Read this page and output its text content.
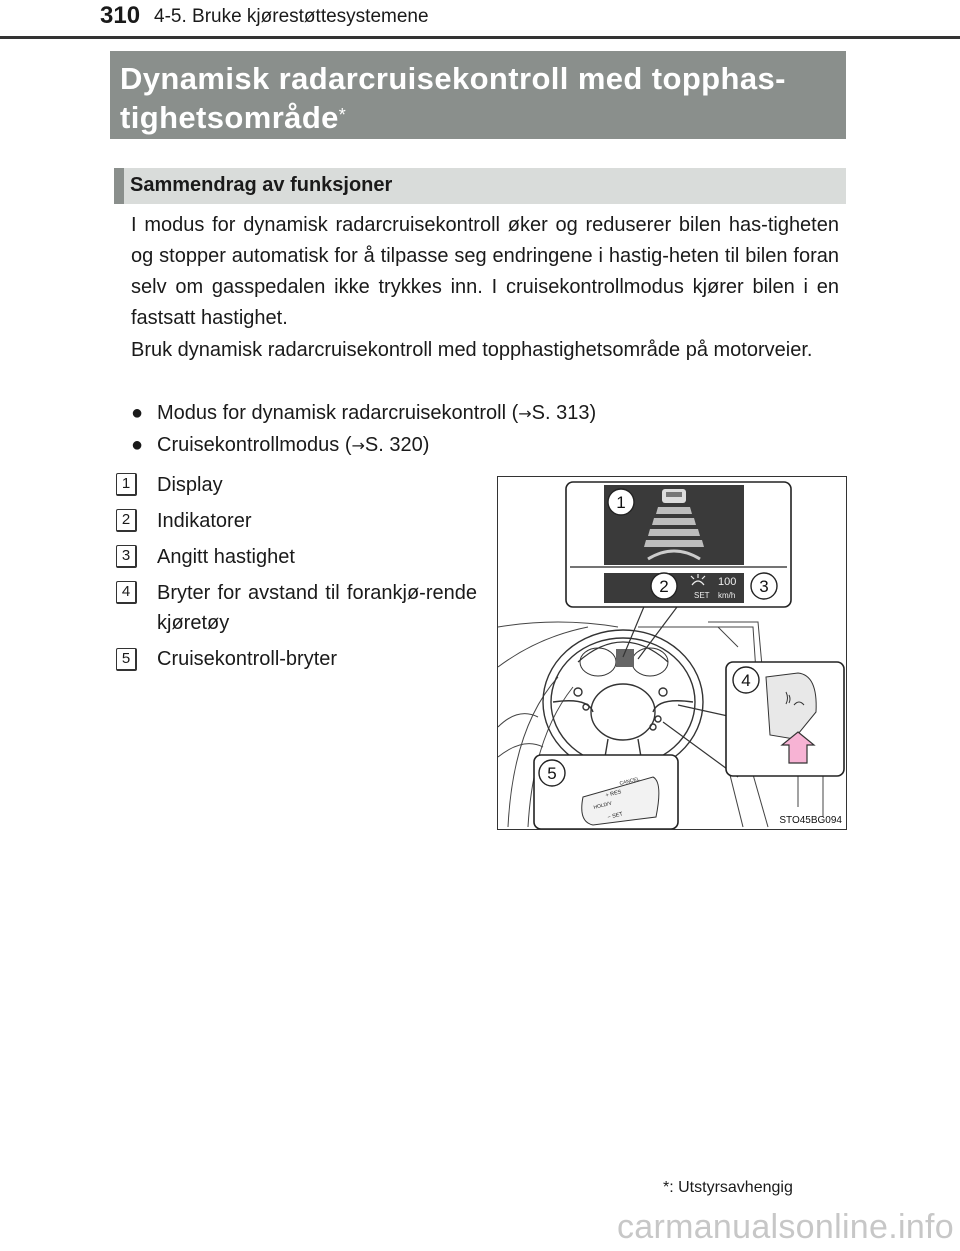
310 4-5. Bruke kjørestøttesystemene
Dynamisk radarcruisekontroll med topphas-
tighetsområde*
Sammendrag av funksjoner
I modus for dynamisk radarcruisekontroll øker og reduserer bilen has-tigheten og stopper automatisk for å tilpasse seg endringene i hastig-heten til bilen foran selv om gasspedalen ikke trykkes inn. I cruisekontrollmodus kjører bilen i en fastsatt hastighet.
Bruk dynamisk radarcruisekontroll med topphastighetsområde på motorveier.
● Modus for dynamisk radarcruisekontroll (→S. 313)
● Cruisekontrollmodus (→S. 320)
1	Display
2	Indikatorer
3	Angitt hastighet
4	Bryter for avstand til forankjø-rende kjøretøy
5	Cruisekontroll-bryter
100
SET km/h
1
2	3
4
CANCEL
+ RES
HOLD/V
− SET
5
STO45BG094
*: Utstyrsavhengig
carmanualsonline.info
